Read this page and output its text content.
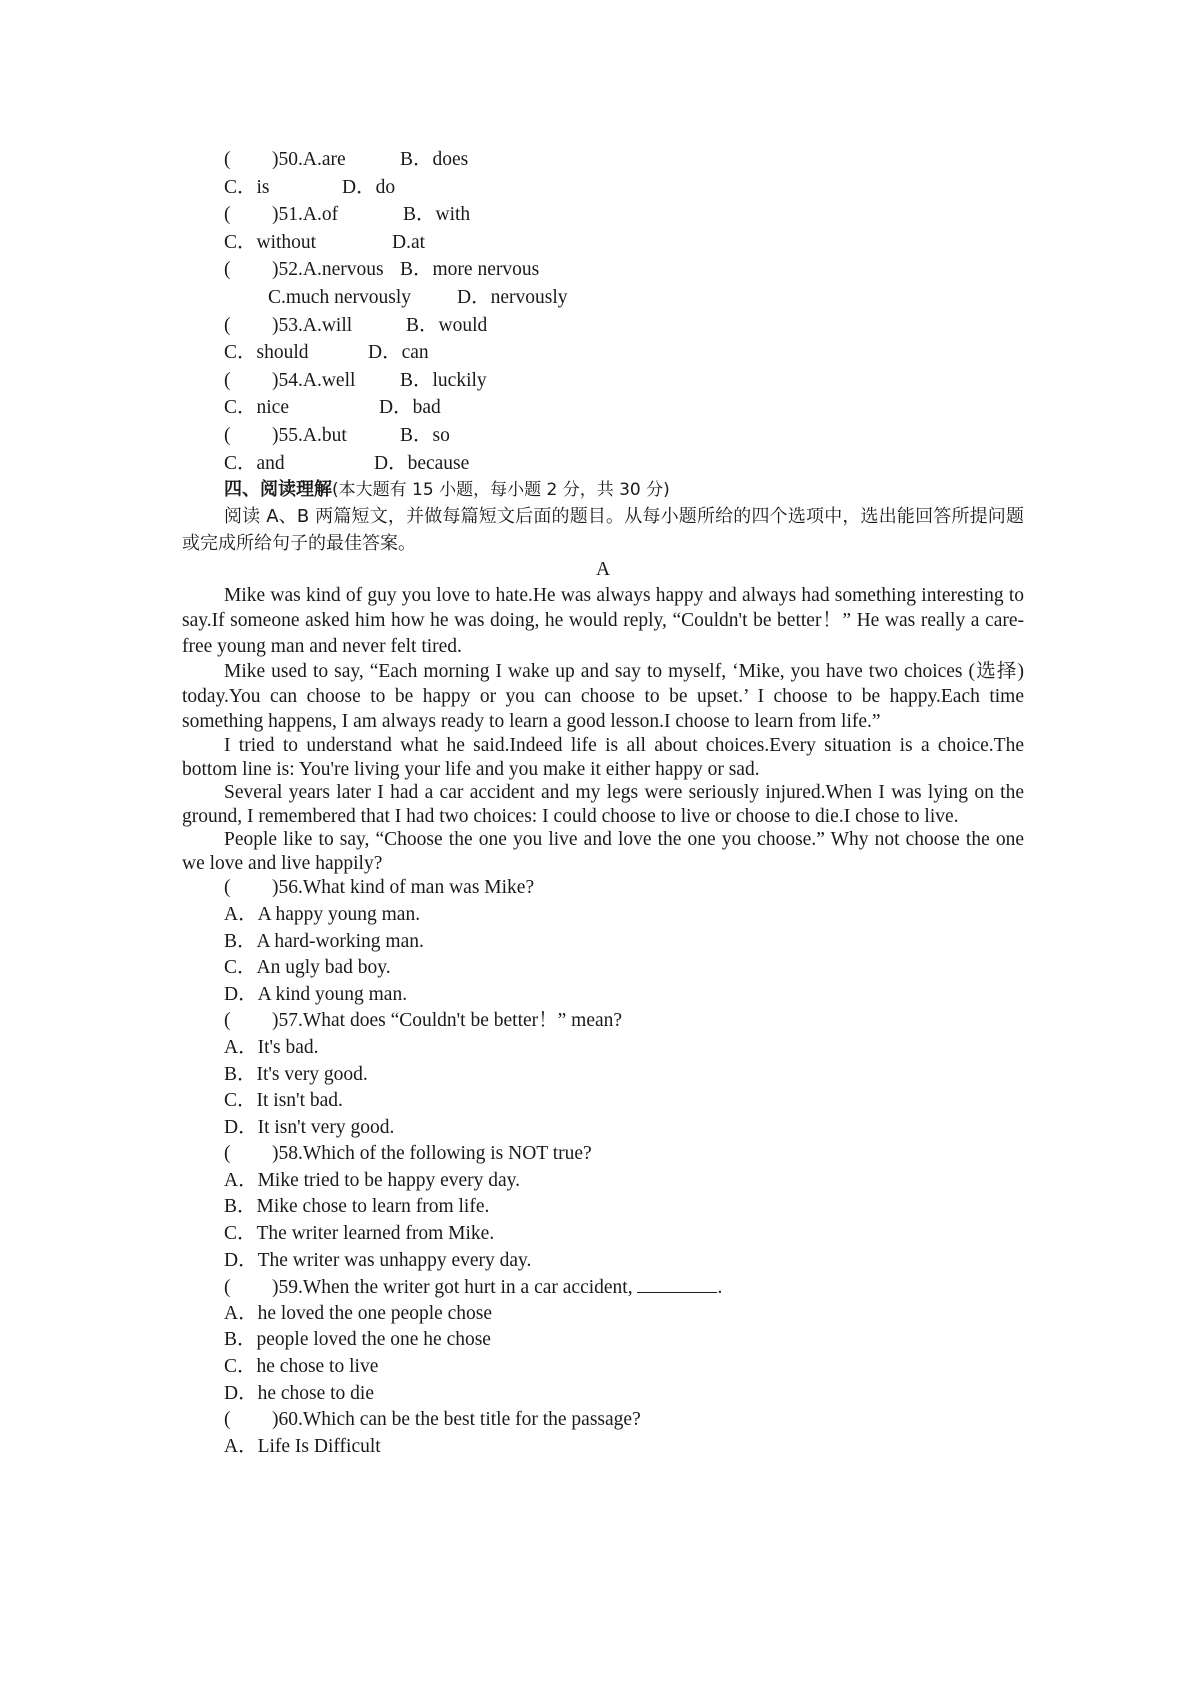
( )50.A.are	B．does
C．is	D．do
( )51.A.of	B．with
C．without	D.at
( )52.A.nervous B．more nervous
C.much nervously D．nervously
( )53.A.will	B．would
C．should	D．can
( )54.A.well B．luckily
C．nice	D．bad
( )55.A.but	B．so
C．and	D．because
四、阅读理解(本大题有 15 小题，每小题 2 分，共 30 分)
阅读 A、B 两篇短文，并做每篇短文后面的题目。从每小题所给的四个选项中，选出能回答所提问题或完成所给句子的最佳答案。
A

Mike was kind of guy you love to hate.He was always happy and always had something interesting to say.If someone asked him how he was doing, he would reply, “Couldn't be better！” He was really a care-free young man and never felt tired.

Mike used to say, “Each morning I wake up and say to myself, ‘Mike, you have two choices (选择) today.You can choose to be happy or you can choose to be upset.’ I choose to be happy.Each time something happens, I am always ready to learn a good lesson.I choose to learn from life.”

I tried to understand what he said.Indeed life is all about choices.Every situation is a choice.The bottom line is: You're living your life and you make it either happy or sad.

Several years later I had a car accident and my legs were seriously injured.When I was lying on the ground, I remembered that I had two choices: I could choose to live or choose to die.I chose to live.

People like to say, “Choose the one you live and love the one you choose.” Why not choose the one we love and live happily?

( )56.What kind of man was Mike?
A．A happy young man.
B．A hard-working man.
C．An ugly bad boy.
D．A kind young man.
( )57.What does “Couldn't be better！” mean?
A．It's bad.
B．It's very good.
C．It isn't bad.
D．It isn't very good.
( )58.Which of the following is NOT true?
A．Mike tried to be happy every day.
B．Mike chose to learn from life.
C．The writer learned from Mike.
D．The writer was unhappy every day.
( )59.When the writer got hurt in a car accident,	.
A．he loved the one people chose
B．people loved the one he chose
C．he chose to live
D．he chose to die
( )60.Which can be the best title for the passage?
A．Life Is Difficult
